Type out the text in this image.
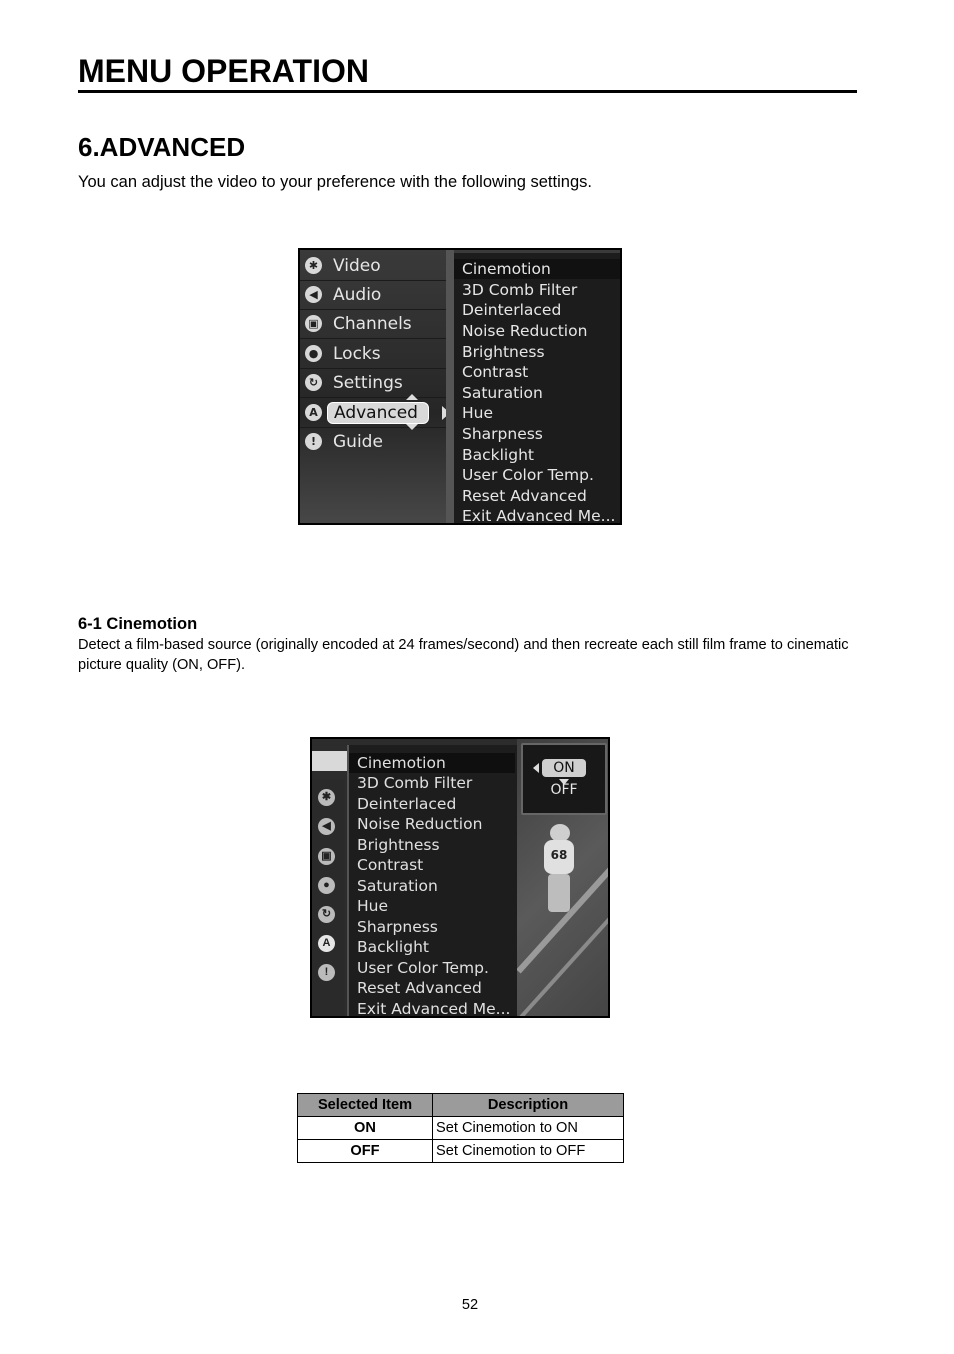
MENU OPERATION
6.ADVANCED
You can adjust the video to your preference with the following settings.
✱ Video
◀ Audio
▣ Channels
● Locks
↻ Settings
A Advanced
! Guide
Cinemotion
3D Comb Filter
Deinterlaced
Noise Reduction
Brightness
Contrast
Saturation
Hue
Sharpness
Backlight
User Color Temp.
Reset Advanced
Exit Advanced Me...
6-1 Cinemotion
Detect a film-based source (originally encoded at 24 frames/second) and then recreate each still film frame to cinematic picture quality (ON, OFF).
68
✱
◀
▣
●
↻
A
!
Cinemotion
3D Comb Filter
Deinterlaced
Noise Reduction
Brightness
Contrast
Saturation
Hue
Sharpness
Backlight
User Color Temp.
Reset Advanced
Exit Advanced Me...
ON
OFF
Selected Item	Description
ON	Set Cinemotion to ON
OFF	Set Cinemotion to OFF
52
